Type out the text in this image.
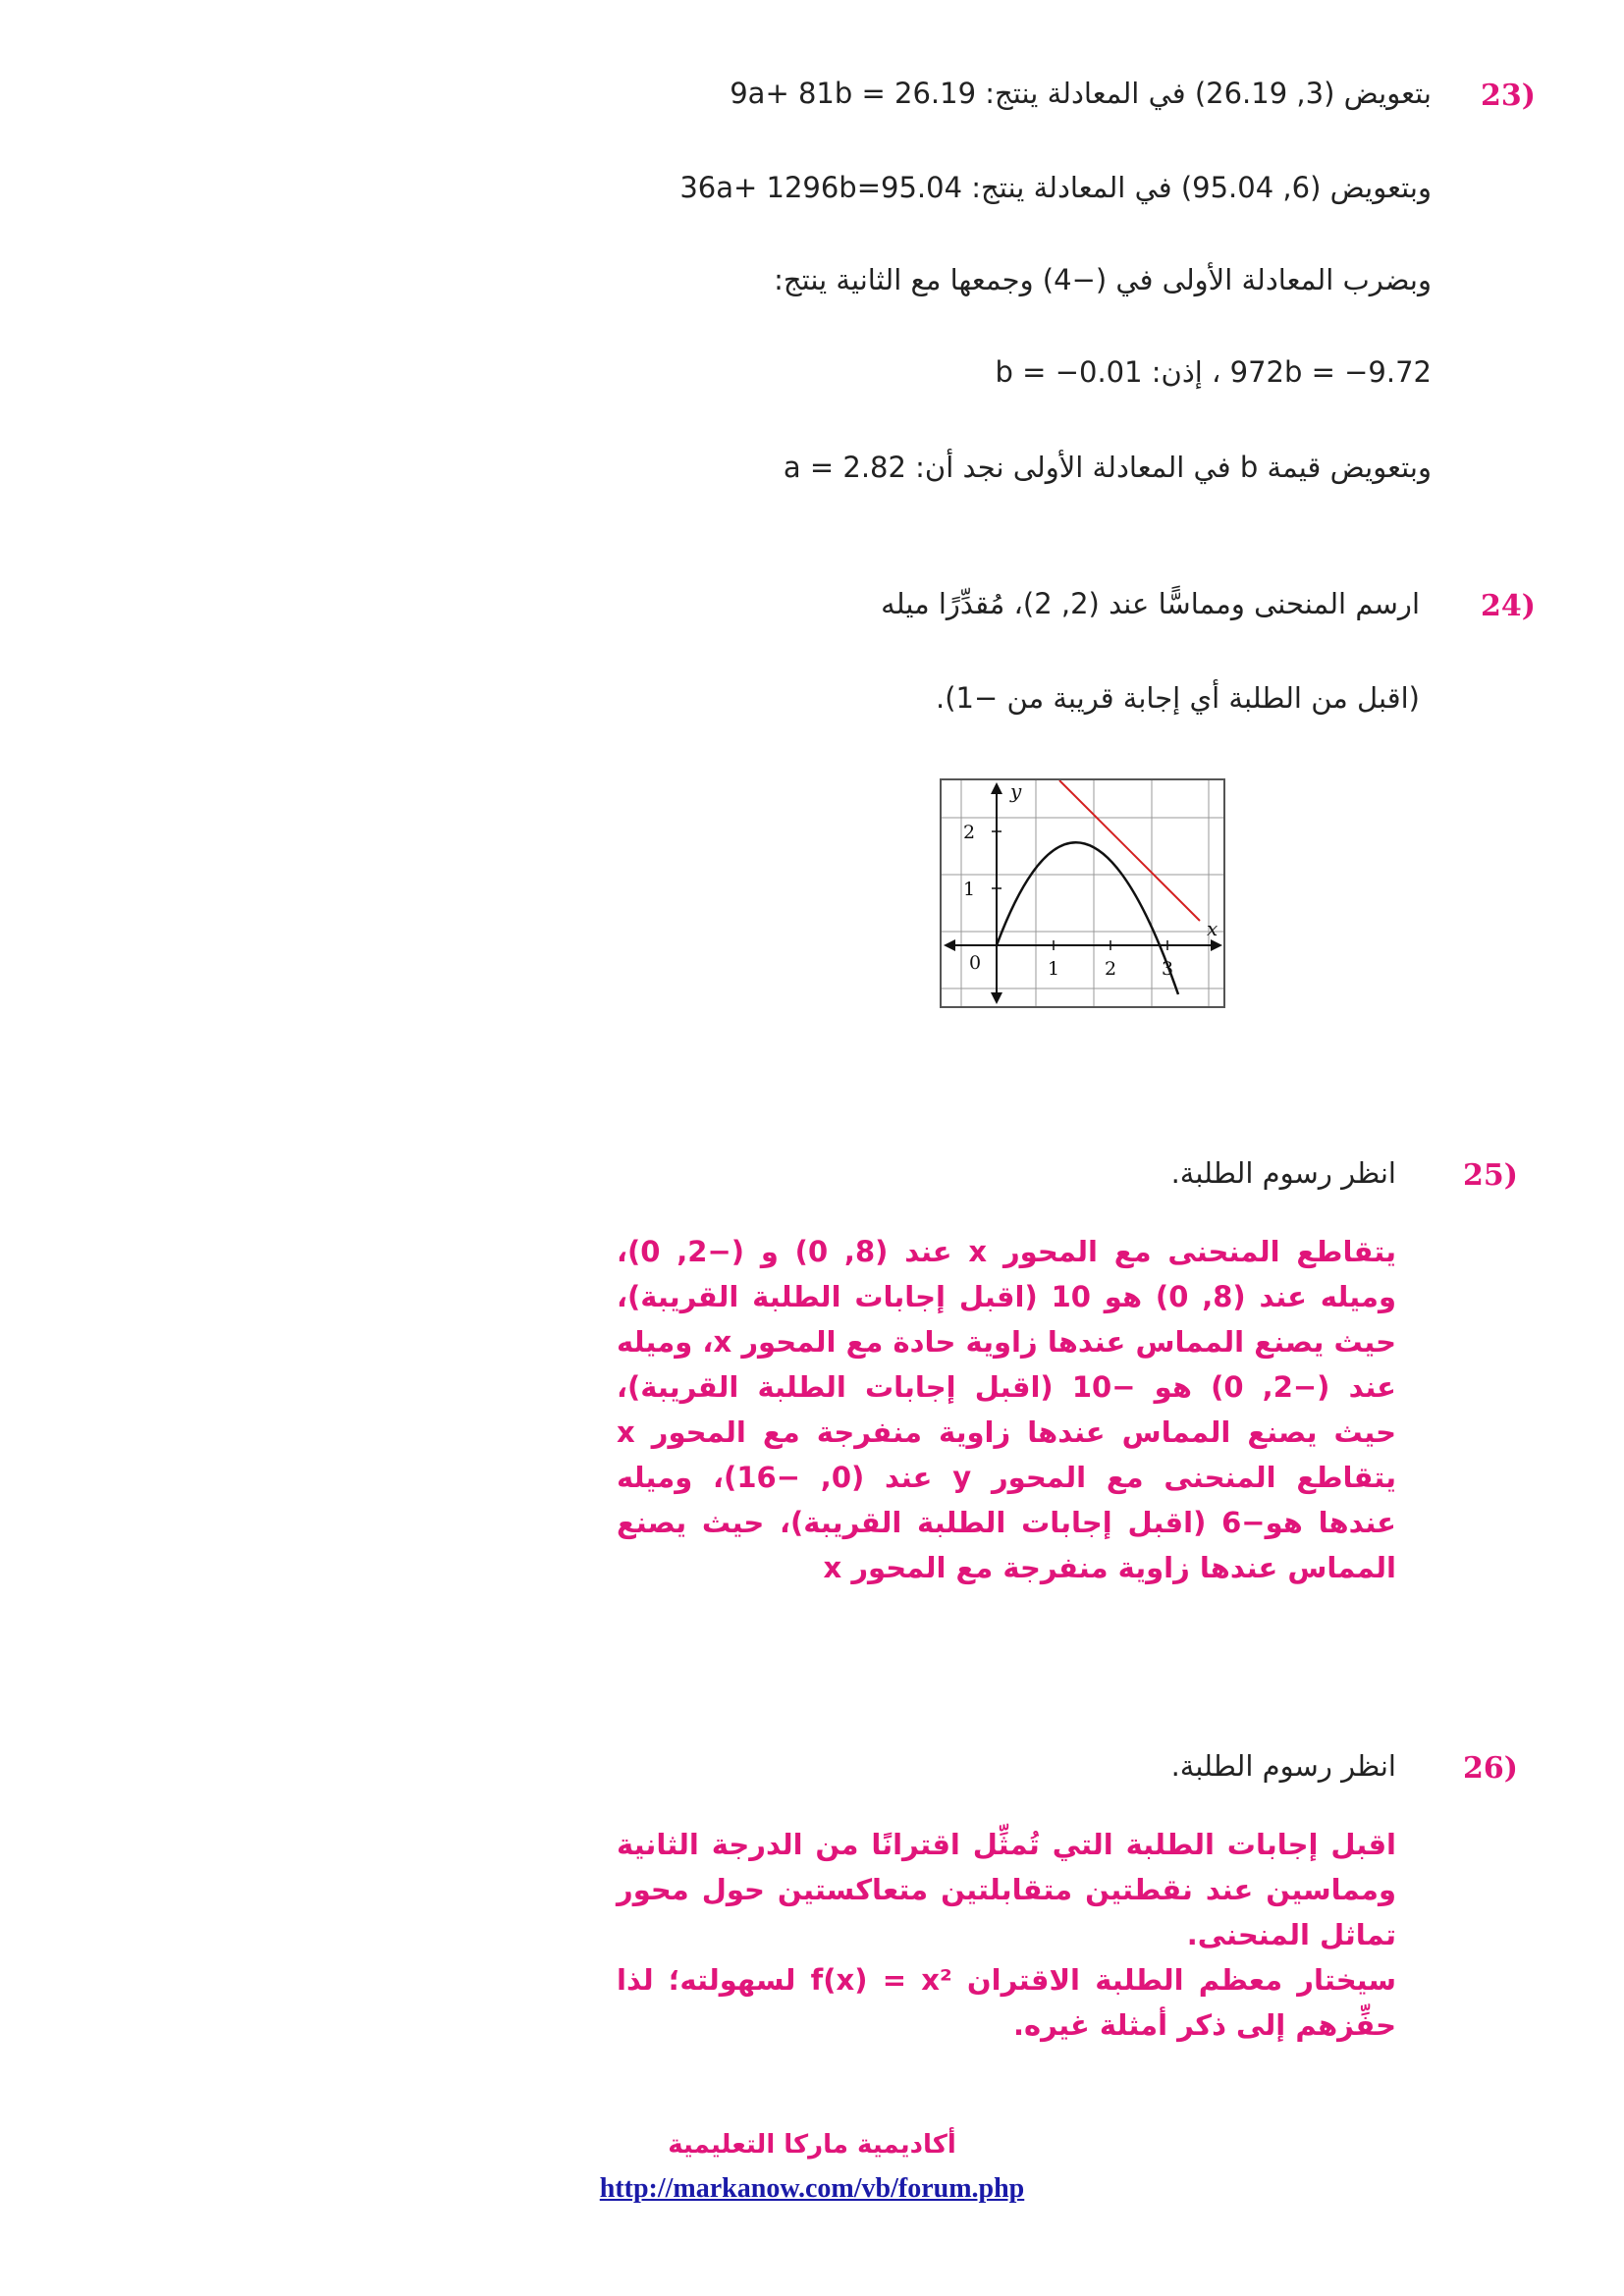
23)
بتعويض (3, 26.19) في المعادلة ينتج: 26.19 = 9a+ 81b
وبتعويض (6, 95.04) في المعادلة ينتج: 95.04=36a+ 1296b
وبضرب المعادلة الأولى في (−4) وجمعها مع الثانية ينتج:
972b = −9.72 ، إذن: b = −0.01
وبتعويض قيمة b في المعادلة الأولى نجد أن: a = 2.82
24)
ارسم المنحنى ومماسًّا عند (2, 2)، مُقدِّرًا ميله
(اقبل من الطلبة أي إجابة قريبة من −1).
y
x
0
2
1
1 2 3
25)
انظر رسوم الطلبة.

يتقاطع المنحنى مع المحور x عند (8, 0) و (−2, 0)، وميله عند (8, 0) هو 10 (اقبل إجابات الطلبة القريبة)، حيث يصنع المماس عندها زاوية حادة مع المحور x، وميله عند (−2, 0) هو −10 (اقبل إجابات الطلبة القريبة)، حيث يصنع المماس عندها زاوية منفرجة مع المحور x يتقاطع المنحنى مع المحور y عند (0, −16)، وميله عندها هو−6 (اقبل إجابات الطلبة القريبة)، حيث يصنع المماس عندها زاوية منفرجة مع المحور x

26)
انظر رسوم الطلبة.

اقبل إجابات الطلبة التي تُمثِّل اقترانًا من الدرجة الثانية ومماسين عند نقطتين متقابلتين متعاكستين حول محور تماثل المنحنى.

سيختار معظم الطلبة الاقتران f(x) = x² لسهولته؛ لذا حفِّزهم إلى ذكر أمثلة غيره.

أكاديمية ماركا التعليمية
http://markanow.com/vb/forum.php
